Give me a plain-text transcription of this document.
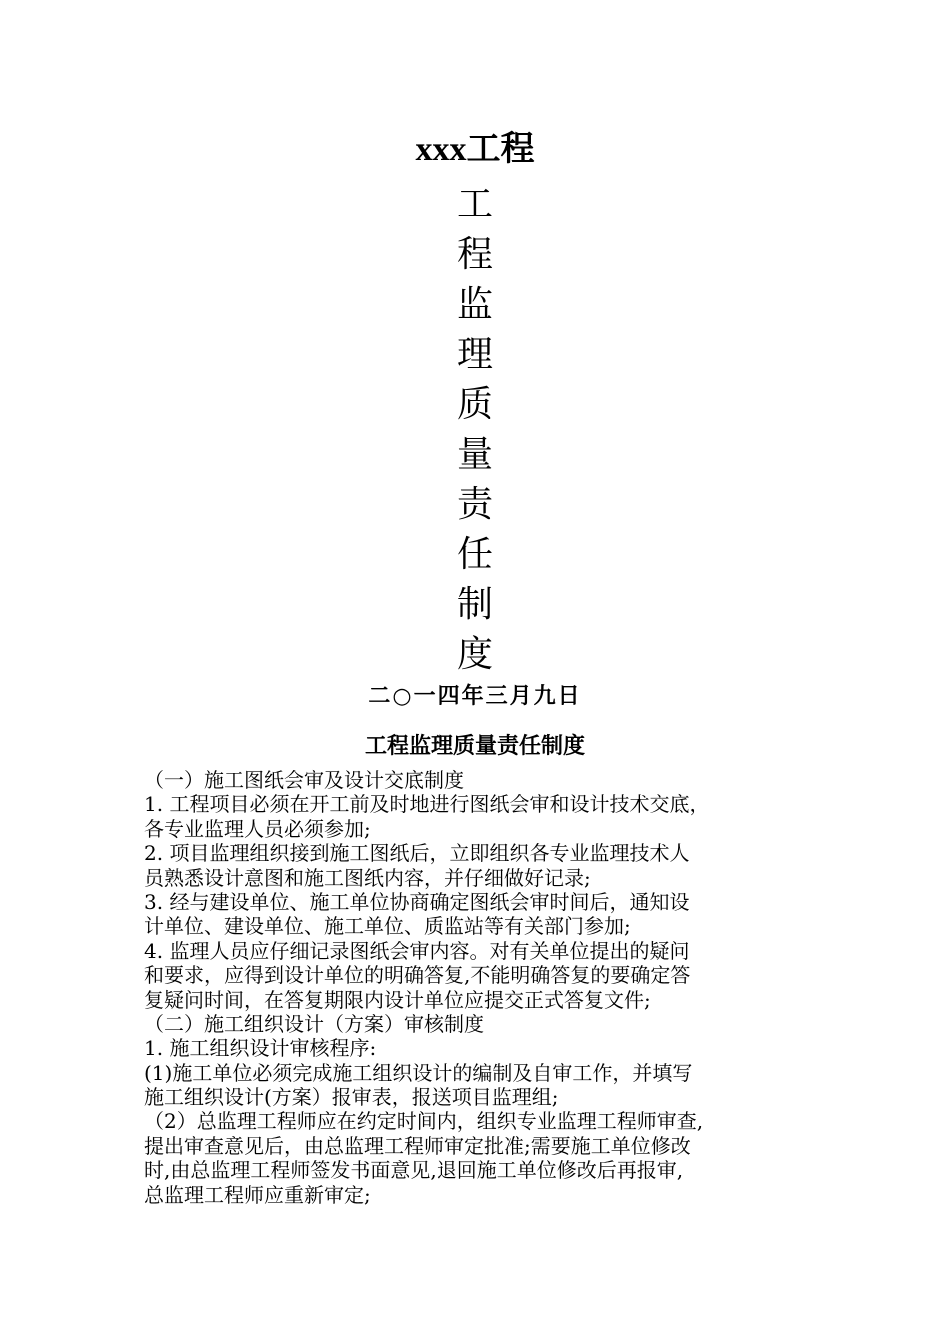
xxx工程
工
程
监
理
质
量
责
任
制
度
二○一四年三月九日
工程监理质量责任制度
（一）施工图纸会审及设计交底制度
1. 工程项目必须在开工前及时地进行图纸会审和设计技术交底，
各专业监理人员必须参加;
2. 项目监理组织接到施工图纸后，立即组织各专业监理技术人
员熟悉设计意图和施工图纸内容，并仔细做好记录;
3. 经与建设单位、施工单位协商确定图纸会审时间后，通知设
计单位、建设单位、施工单位、质监站等有关部门参加;
4. 监理人员应仔细记录图纸会审内容。对有关单位提出的疑问
和要求，应得到设计单位的明确答复,不能明确答复的要确定答
复疑问时间，在答复期限内设计单位应提交正式答复文件;
（二）施工组织设计（方案）审核制度
1. 施工组织设计审核程序:
(1)施工单位必须完成施工组织设计的编制及自审工作，并填写
施工组织设计(方案）报审表，报送项目监理组;
（2）总监理工程师应在约定时间内，组织专业监理工程师审查,
提出审查意见后，由总监理工程师审定批准;需要施工单位修改
时,由总监理工程师签发书面意见,退回施工单位修改后再报审,
总监理工程师应重新审定;
